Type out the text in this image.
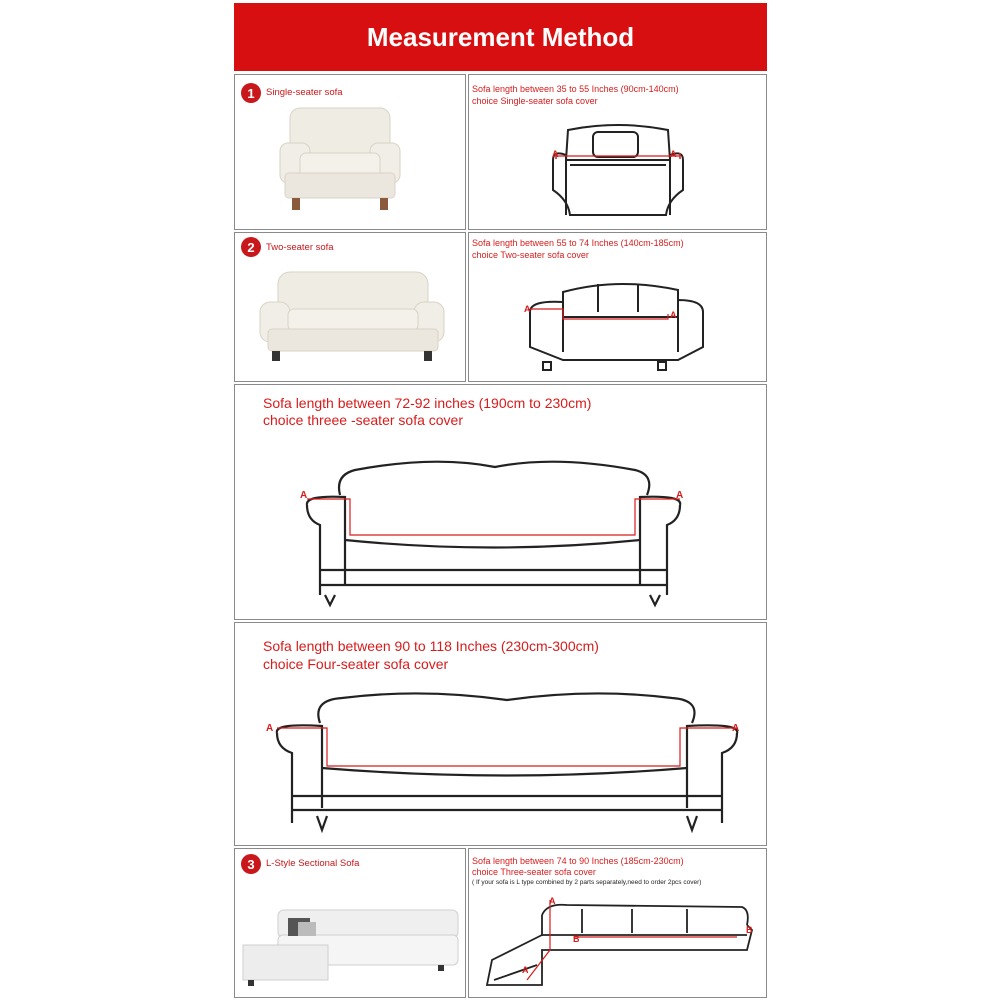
Measurement Method
1	Single-seater sofa	Sofa length between 35 to 55 Inches (90cm-140cm)
choice Single-seater sofa cover
A	A
2	Two-seater sofa	Sofa length between 55 to 74 Inches (140cm-185cm)
choice Two-seater sofa cover
A
A
Sofa length between 72-92 inches (190cm to 230cm)
choice threee -seater sofa cover
A	A
Sofa length between 90 to 118 Inches (230cm-300cm)
choice Four-seater sofa cover
A	A
3	L-Style Sectional Sofa	Sofa length between 74 to 90 Inches (185cm-230cm)
choice Three-seater sofa cover
( If your sofa is L type combined by 2 parts separately,need to order 2pcs cover)
A
A
B
B
